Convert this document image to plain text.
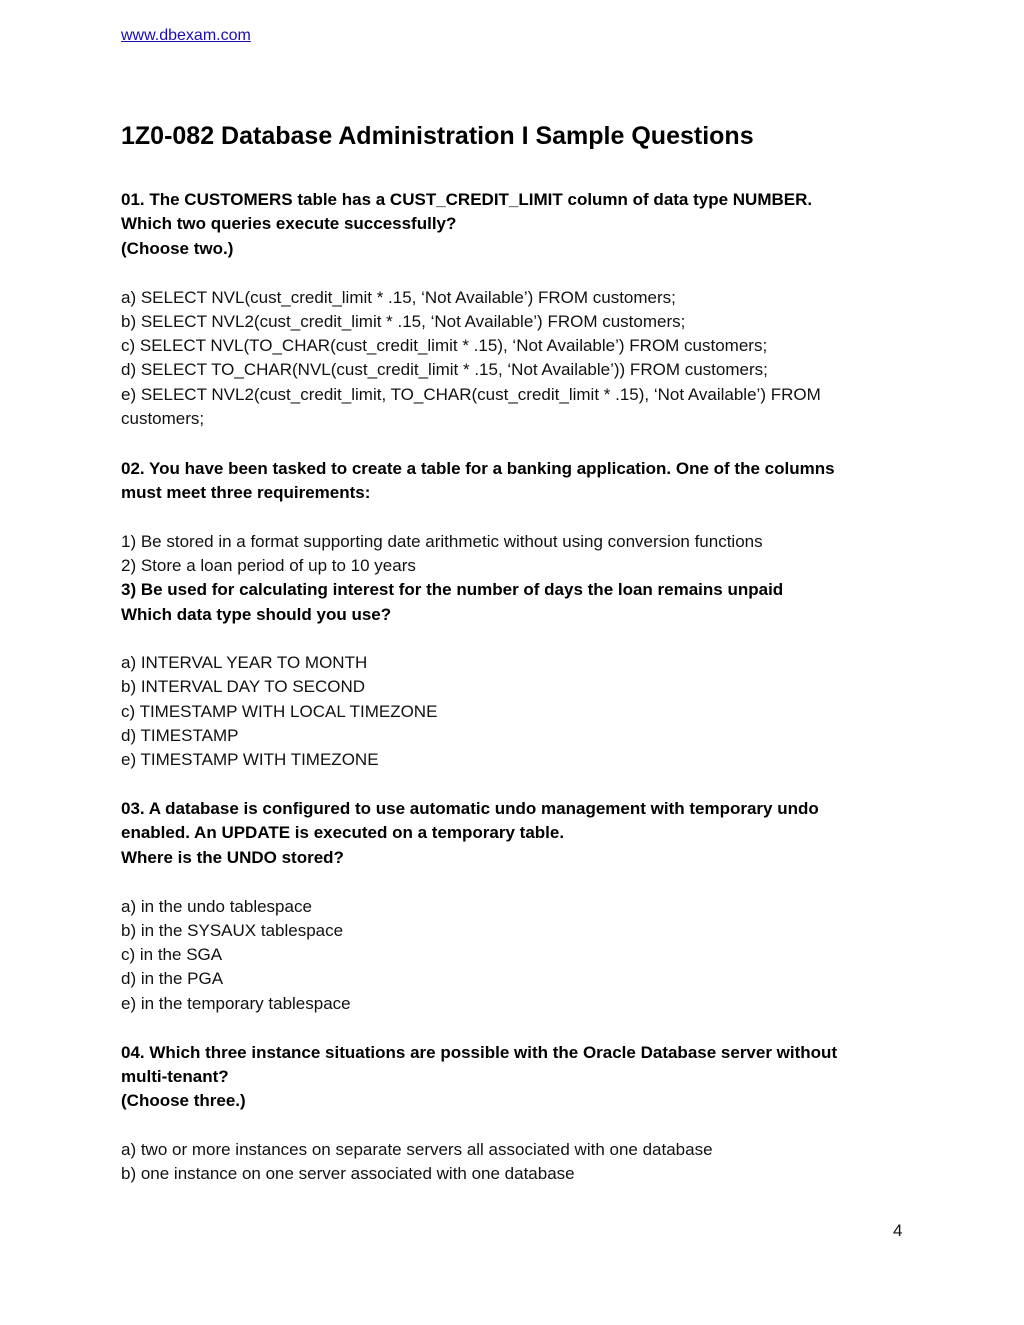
www.dbexam.com
1Z0-082 Database Administration I Sample Questions

01. The CUSTOMERS table has a CUST_CREDIT_LIMIT column of data type NUMBER.

Which two queries execute successfully?

(Choose two.)

a) SELECT NVL(cust_credit_limit * .15, ‘Not Available’) FROM customers;

b) SELECT NVL2(cust_credit_limit * .15, ‘Not Available’) FROM customers;

c) SELECT NVL(TO_CHAR(cust_credit_limit * .15), ‘Not Available’) FROM customers;

d) SELECT TO_CHAR(NVL(cust_credit_limit * .15, ‘Not Available’)) FROM customers;

e) SELECT NVL2(cust_credit_limit, TO_CHAR(cust_credit_limit * .15), ‘Not Available’) FROM

customers;

02. You have been tasked to create a table for a banking application. One of the columns

must meet three requirements:

1) Be stored in a format supporting date arithmetic without using conversion functions

2) Store a loan period of up to 10 years

3) Be used for calculating interest for the number of days the loan remains unpaid

Which data type should you use?

a) INTERVAL YEAR TO MONTH

b) INTERVAL DAY TO SECOND

c) TIMESTAMP WITH LOCAL TIMEZONE

d) TIMESTAMP

e) TIMESTAMP WITH TIMEZONE

03. A database is configured to use automatic undo management with temporary undo

enabled. An UPDATE is executed on a temporary table.

Where is the UNDO stored?

a) in the undo tablespace

b) in the SYSAUX tablespace

c) in the SGA

d) in the PGA

e) in the temporary tablespace

04. Which three instance situations are possible with the Oracle Database server without

multi-tenant?

(Choose three.)

a) two or more instances on separate servers all associated with one database

b) one instance on one server associated with one database

4
